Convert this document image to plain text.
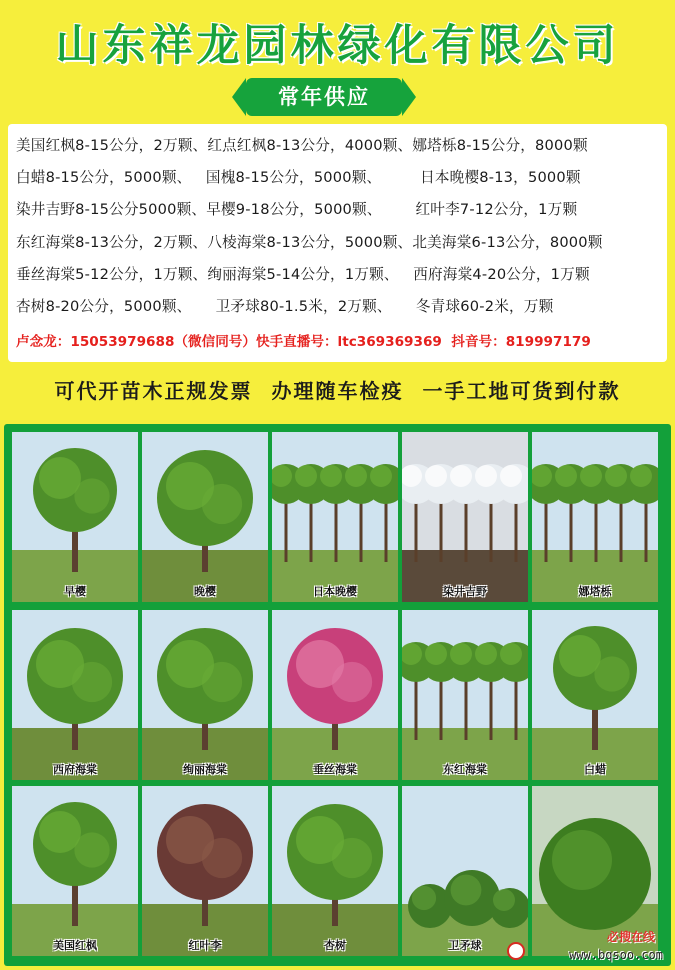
山东祥龙园林绿化有限公司
常年供应
美国红枫8-15公分，2万颗、红点红枫8-13公分，4000颗、娜塔栎8-15公分，8000颗
白蜡8-15公分，5000颗、   国槐8-15公分，5000颗、        日本晚樱8-13，5000颗
染井吉野8-15公分5000颗、早樱9-18公分，5000颗、       红叶李7-12公分，1万颗
东红海棠8-13公分，2万颗、八棱海棠8-13公分，5000颗、北美海棠6-13公分，8000颗
垂丝海棠5-12公分，1万颗、绚丽海棠5-14公分，1万颗、   西府海棠4-20公分，1万颗
杏树8-20公分，5000颗、     卫矛球80-1.5米，2万颗、     冬青球60-2米，万颗
卢念龙：15053979688（微信同号）快手直播号：ltc369369369  抖音号：819997179
可代开苗木正规发票 办理随车检疫 一手工地可货到付款
卫矛球
杏树
红叶李
美国红枫
白蜡
东红海棠
垂丝海棠
绚丽海棠
西府海棠
娜塔栎
染井吉野
日本晚樱
晚樱
早樱
必搜在线
www.bqsoo.com
